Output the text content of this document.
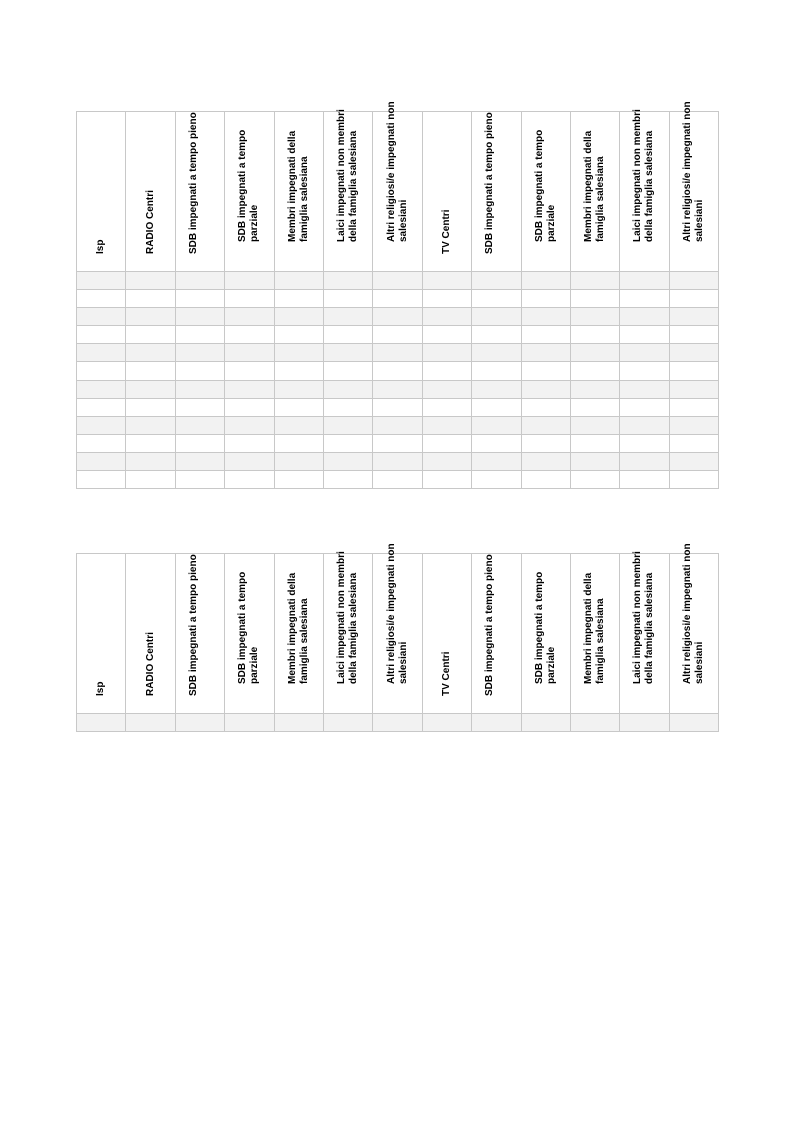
Isp	RADIO Centri	SDB impegnati a tempo pieno	SDB impegnati a tempo parziale	Membri impegnati della famiglia salesiana	Laici impegnati non membri della famiglia salesiana	Altri religiosi/e impegnati non salesiani	TV Centri	SDB impegnati a tempo pieno	SDB impegnati a tempo parziale	Membri impegnati della famiglia salesiana	Laici impegnati non membri della famiglia salesiana	Altri religiosi/e impegnati non salesiani

Isp	RADIO Centri	SDB impegnati a tempo pieno	SDB impegnati a tempo parziale	Membri impegnati della famiglia salesiana	Laici impegnati non membri della famiglia salesiana	Altri religiosi/e impegnati non salesiani	TV Centri	SDB impegnati a tempo pieno	SDB impegnati a tempo parziale	Membri impegnati della famiglia salesiana	Laici impegnati non membri della famiglia salesiana	Altri religiosi/e impegnati non salesiani
